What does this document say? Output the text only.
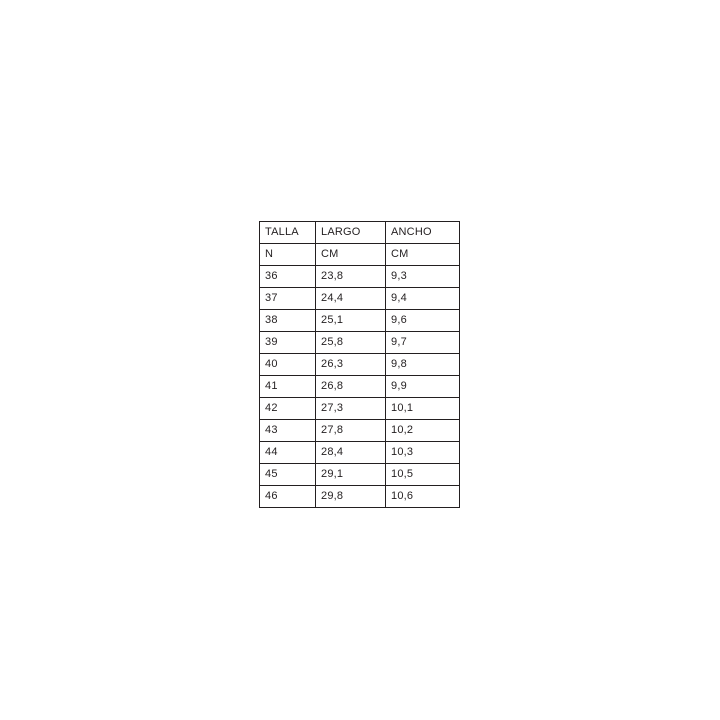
TALLA	LARGO	ANCHO
N	CM	CM
36	23,8	9,3
37	24,4	9,4
38	25,1	9,6
39	25,8	9,7
40	26,3	9,8
41	26,8	9,9
42	27,3	10,1
43	27,8	10,2
44	28,4	10,3
45	29,1	10,5
46	29,8	10,6
